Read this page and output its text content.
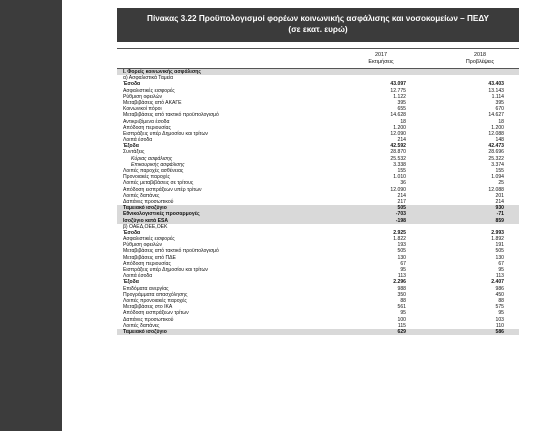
Πίνακας 3.22 Προϋπολογισμοί φορέων κοινωνικής ασφάλισης και νοσοκομείων – ΠΕΔΥ
(σε εκατ. ευρώ)
2017
Εκτιμήσεις
2018
Προβλέψεις
Ι. Φορείς κοινωνικής ασφάλισης
α) Ασφαλιστικά Ταμεία
Έσοδα	43.097	43.403
Ασφαλιστικές εισφορές	12.775	13.143
Ρύθμιση οφειλών	1.122	1.114
Μεταβιβάσεις από ΑΚΑΓΕ	395	395
Κοινωνικοί πόροι	655	670
Μεταβιβάσεις από τακτικό προϋπολογισμό	14.628	14.627
Αντικριζόμενα έσοδα	18	18
Απόδοση περιουσίας	1.200	1.200
Εισπράξεις υπέρ Δημοσίου και τρίτων	12.090	12.088
Λοιπά έσοδα	214	148
Έξοδα	42.592	42.473
Συντάξεις	28.870	28.696
Κύριας ασφάλισης	25.532	25.322
Επικουρικής ασφάλισης	3.338	3.374
Λοιπές παροχές ασθένειας	155	155
Προνοιακές παροχές	1.010	1.094
Λοιπές μεταβιβάσεις σε τρίτους	36	25
Απόδοση εισπράξεων υπέρ τρίτων	12.090	12.088
Λοιπές δαπάνες	214	201
Δαπάνες προσωπικού	217	214
Ταμειακό ισοζύγιο	505	930
Εθνικολογιστικές προσαρμογές	-703	-71
Ισοζύγιο κατά ESA	-198	859
β) ΟΑΕΔ,ΟΕΕ,ΟΕΚ
Έσοδα	2.925	2.993
Ασφαλιστικές εισφορές	1.822	1.892
Ρύθμιση οφειλών	193	191
Μεταβιβάσεις από τακτικό προϋπολογισμό	505	505
Μεταβιβάσεις από ΠΔΕ	130	130
Απόδοση περιουσίας	67	67
Εισπράξεις υπέρ Δημοσίου και τρίτων	95	95
Λοιπά έσοδα	113	113
Έξοδα	2.296	2.407
Επιδόματα ανεργίας	988	986
Προγράμματα απασχόλησης	350	450
Λοιπές προνοιακές παροχές	88	88
Μεταβιβάσεις στο ΙΚΑ	561	575
Απόδοση εισπράξεων τρίτων	95	95
Δαπάνες προσωπικού	100	103
Λοιπές δαπάνες	115	110
Ταμειακό ισοζύγιο	629	586
